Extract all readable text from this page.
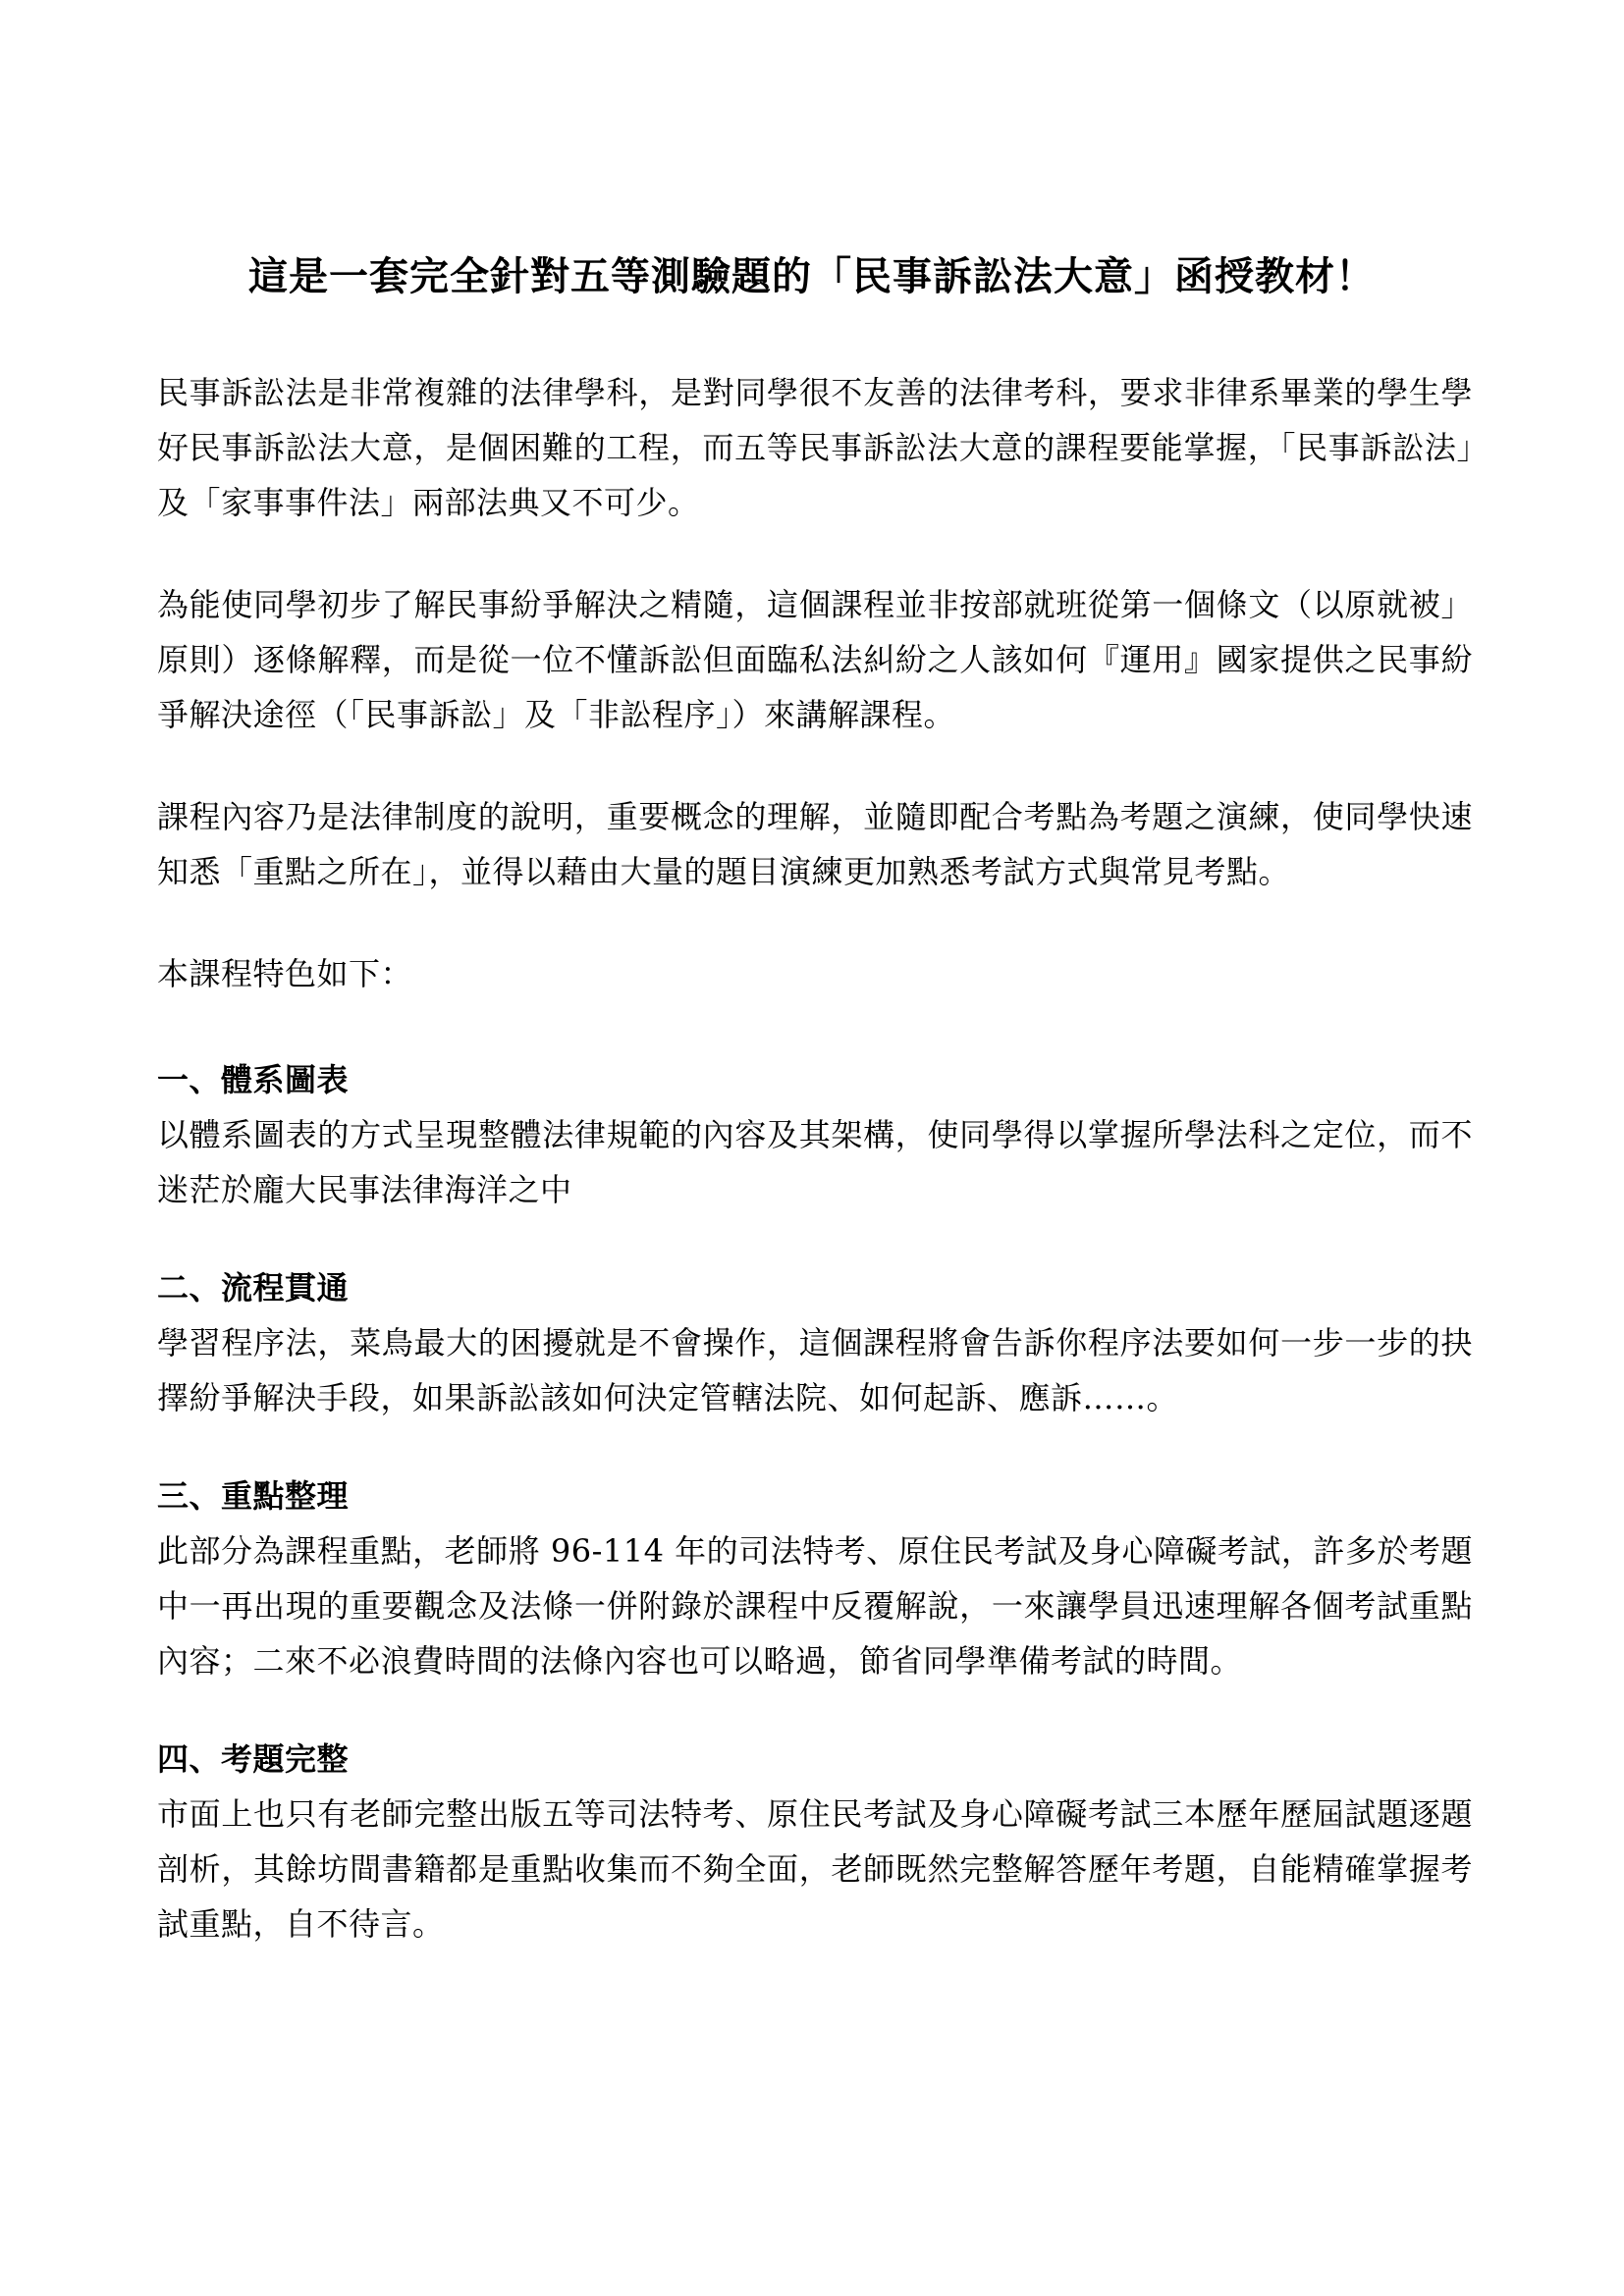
這是一套完全針對五等測驗題的「民事訴訟法大意」函授教材！

民事訴訟法是非常複雜的法律學科，是對同學很不友善的法律考科，要求非律系畢業的學生學好民事訴訟法大意，是個困難的工程，而五等民事訴訟法大意的課程要能掌握，「民事訴訟法」及「家事事件法」兩部法典又不可少。

為能使同學初步了解民事紛爭解決之精隨，這個課程並非按部就班從第一個條文（以原就被」原則）逐條解釋，而是從一位不懂訴訟但面臨私法糾紛之人該如何『運用』國家提供之民事紛爭解決途徑（「民事訴訟」及「非訟程序」）來講解課程。

課程內容乃是法律制度的說明，重要概念的理解，並隨即配合考點為考題之演練，使同學快速知悉「重點之所在」，並得以藉由大量的題目演練更加熟悉考試方式與常見考點。

本課程特色如下：

一、體系圖表

以體系圖表的方式呈現整體法律規範的內容及其架構，使同學得以掌握所學法科之定位，而不迷茫於龐大民事法律海洋之中

二、流程貫通

學習程序法，菜鳥最大的困擾就是不會操作，這個課程將會告訴你程序法要如何一步一步的抉擇紛爭解決手段，如果訴訟該如何決定管轄法院、如何起訴、應訴……。

三、重點整理

此部分為課程重點，老師將 96-114 年的司法特考、原住民考試及身心障礙考試，許多於考題中一再出現的重要觀念及法條一併附錄於課程中反覆解說，一來讓學員迅速理解各個考試重點內容；二來不必浪費時間的法條內容也可以略過，節省同學準備考試的時間。

四、考題完整

市面上也只有老師完整出版五等司法特考、原住民考試及身心障礙考試三本歷年歷屆試題逐題剖析，其餘坊間書籍都是重點收集而不夠全面，老師既然完整解答歷年考題，自能精確掌握考試重點，自不待言。
